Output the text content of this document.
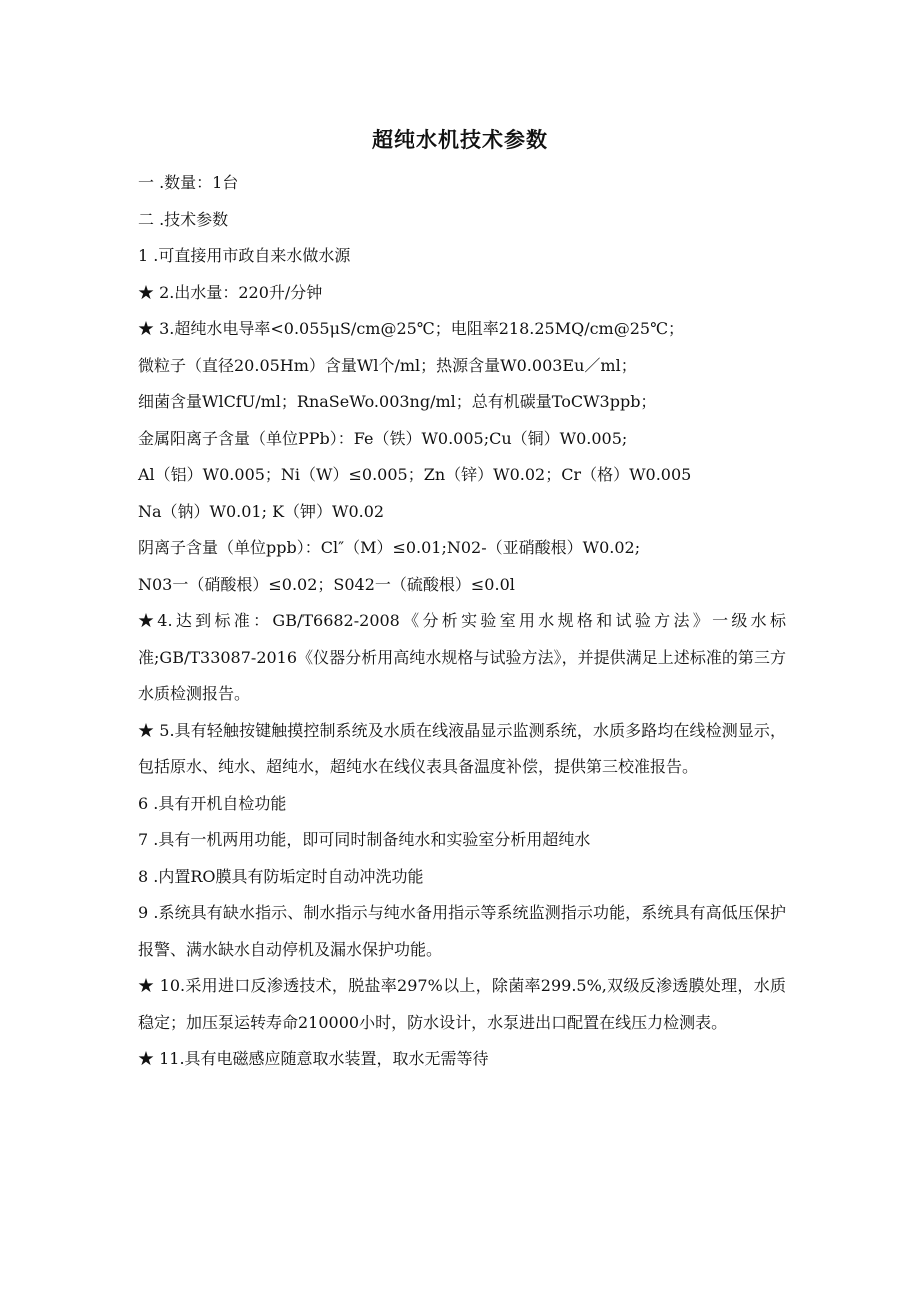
超纯水机技术参数
一 .数量：1台
二 .技术参数
1 .可直接用市政自来水做水源
★ 2.出水量：220升/分钟
★ 3.超纯水电导率<0.055μS/cm@25℃；电阻率218.25MQ/cm@25℃；
微粒子（直径20.05Hm）含量Wl个/ml；热源含量W0.003Eu／ml；
细菌含量WlCfU/ml；RnaSeWo.003ng/ml；总有机碳量ToCW3ppb；
金属阳离子含量（单位PPb）：Fe（铁）W0.005;Cu（铜）W0.005;
Al（铝）W0.005；Ni（W）≤0.005；Zn（锌）W0.02；Cr（格）W0.005
Na（钠）W0.01; K（钾）W0.02
阴离子含量（单位ppb）：Cl″（M）≤0.01;N02-（亚硝酸根）W0.02;
N03一（硝酸根）≤0.02；S042一（硫酸根）≤0.0l
★4.达到标准：GB/T6682-2008《分析实验室用水规格和试验方法》一级水标准;GB/T33087-2016《仪器分析用高纯水规格与试验方法》，并提供满足上述标准的第三方水质检测报告。
★ 5.具有轻触按键触摸控制系统及水质在线液晶显示监测系统，水质多路均在线检测显示，包括原水、纯水、超纯水，超纯水在线仪表具备温度补偿，提供第三校准报告。
6 .具有开机自检功能
7 .具有一机两用功能，即可同时制备纯水和实验室分析用超纯水
8 .内置RO膜具有防垢定时自动冲洗功能
9 .系统具有缺水指示、制水指示与纯水备用指示等系统监测指示功能，系统具有高低压保护报警、满水缺水自动停机及漏水保护功能。
★ 10.采用进口反渗透技术，脱盐率297%以上，除菌率299.5%,双级反渗透膜处理，水质稳定；加压泵运转寿命210000小时，防水设计，水泵进出口配置在线压力检测表。
★ 11.具有电磁感应随意取水装置，取水无需等待
